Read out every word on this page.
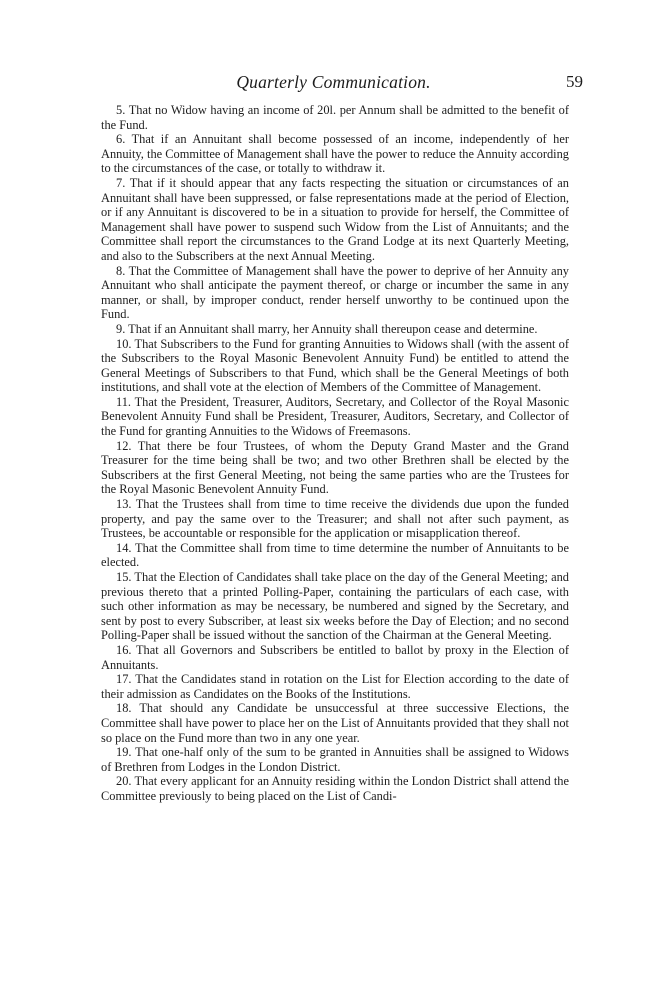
Quarterly Communication.	59

5. That no Widow having an income of 20l. per Annum shall be admitted to the benefit of the Fund.

6. That if an Annuitant shall become possessed of an income, independently of her Annuity, the Committee of Management shall have the power to reduce the Annuity according to the circumstances of the case, or totally to withdraw it.

7. That if it should appear that any facts respecting the situation or circumstances of an Annuitant shall have been suppressed, or false representations made at the period of Election, or if any Annuitant is discovered to be in a situation to provide for herself, the Committee of Management shall have power to suspend such Widow from the List of Annuitants; and the Committee shall report the circumstances to the Grand Lodge at its next Quarterly Meeting, and also to the Subscribers at the next Annual Meeting.

8. That the Committee of Management shall have the power to deprive of her Annuity any Annuitant who shall anticipate the payment thereof, or charge or incumber the same in any manner, or shall, by improper conduct, render herself unworthy to be continued upon the Fund.

9. That if an Annuitant shall marry, her Annuity shall thereupon cease and determine.

10. That Subscribers to the Fund for granting Annuities to Widows shall (with the assent of the Subscribers to the Royal Masonic Benevolent Annuity Fund) be entitled to attend the General Meetings of Subscribers to that Fund, which shall be the General Meetings of both institutions, and shall vote at the election of Members of the Committee of Management.

11. That the President, Treasurer, Auditors, Secretary, and Collector of the Royal Masonic Benevolent Annuity Fund shall be President, Treasurer, Auditors, Secretary, and Collector of the Fund for granting Annuities to the Widows of Freemasons.

12. That there be four Trustees, of whom the Deputy Grand Master and the Grand Treasurer for the time being shall be two; and two other Brethren shall be elected by the Subscribers at the first General Meeting, not being the same parties who are the Trustees for the Royal Masonic Benevolent Annuity Fund.

13. That the Trustees shall from time to time receive the dividends due upon the funded property, and pay the same over to the Treasurer; and shall not after such payment, as Trustees, be accountable or responsible for the application or misapplication thereof.

14. That the Committee shall from time to time determine the number of Annuitants to be elected.

15. That the Election of Candidates shall take place on the day of the General Meeting; and previous thereto that a printed Polling-Paper, containing the particulars of each case, with such other information as may be necessary, be numbered and signed by the Secretary, and sent by post to every Subscriber, at least six weeks before the Day of Election; and no second Polling-Paper shall be issued without the sanction of the Chairman at the General Meeting.

16. That all Governors and Subscribers be entitled to ballot by proxy in the Election of Annuitants.

17. That the Candidates stand in rotation on the List for Election according to the date of their admission as Candidates on the Books of the Institutions.

18. That should any Candidate be unsuccessful at three successive Elections, the Committee shall have power to place her on the List of Annuitants provided that they shall not so place on the Fund more than two in any one year.

19. That one-half only of the sum to be granted in Annuities shall be assigned to Widows of Brethren from Lodges in the London District.

20. That every applicant for an Annuity residing within the London District shall attend the Committee previously to being placed on the List of Candi-
